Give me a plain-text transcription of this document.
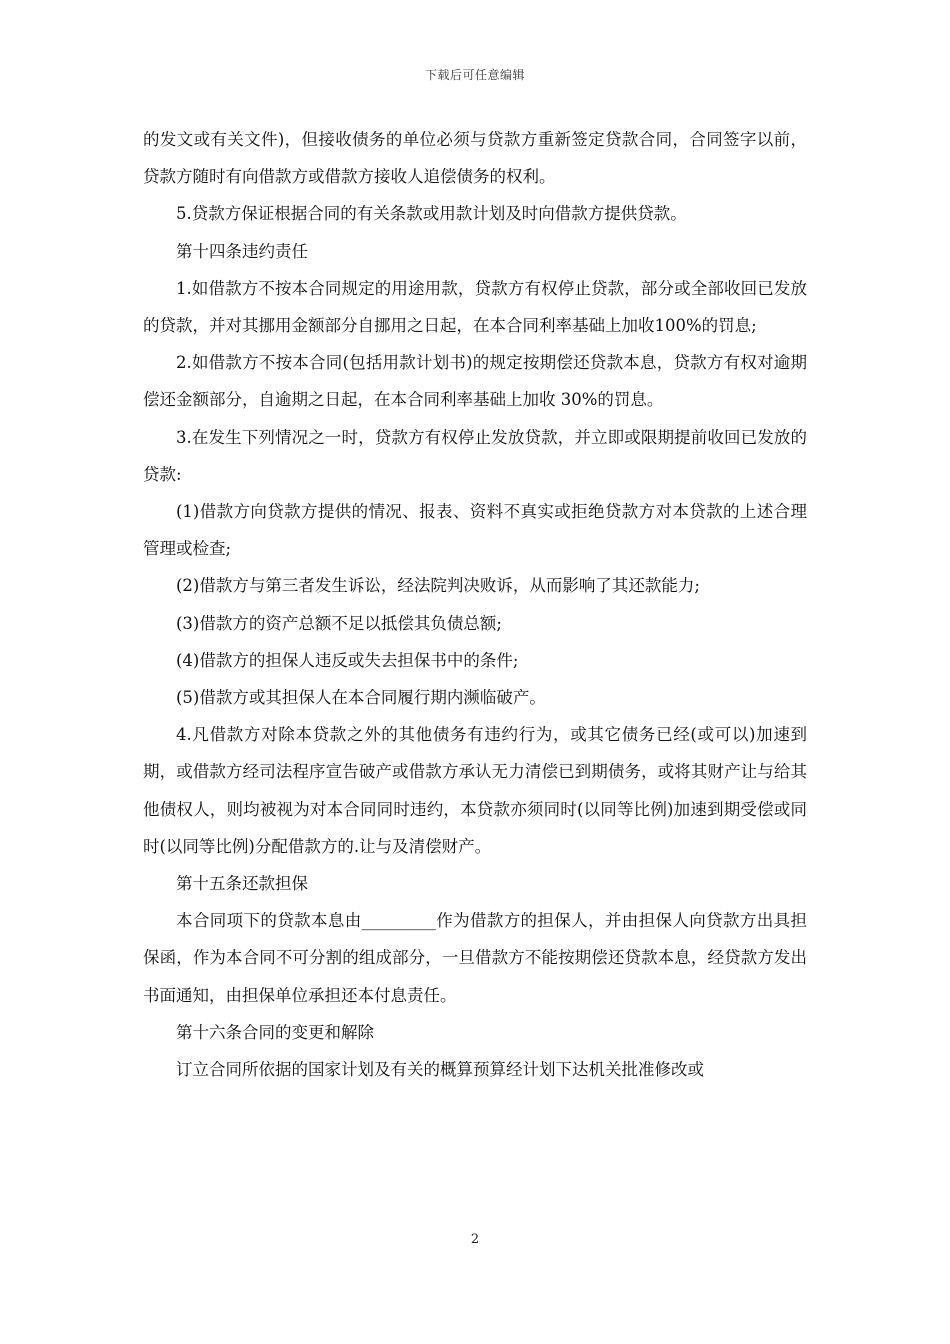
下载后可任意编辑

的发文或有关文件)，但接收债务的单位必须与贷款方重新签定贷款合同，合同签字以前，贷款方随时有向借款方或借款方接收人追偿债务的权利。

5.贷款方保证根据合同的有关条款或用款计划及时向借款方提供贷款。

第十四条违约责任

1.如借款方不按本合同规定的用途用款，贷款方有权停止贷款，部分或全部收回已发放的贷款，并对其挪用金额部分自挪用之日起，在本合同利率基础上加收100%的罚息;

2.如借款方不按本合同(包括用款计划书)的规定按期偿还贷款本息，贷款方有权对逾期偿还金额部分，自逾期之日起，在本合同利率基础上加收 30%的罚息。

3.在发生下列情况之一时，贷款方有权停止发放贷款，并立即或限期提前收回已发放的贷款:

(1)借款方向贷款方提供的情况、报表、资料不真实或拒绝贷款方对本贷款的上述合理管理或检查;

(2)借款方与第三者发生诉讼，经法院判决败诉，从而影响了其还款能力;

(3)借款方的资产总额不足以抵偿其负债总额;

(4)借款方的担保人违反或失去担保书中的条件;

(5)借款方或其担保人在本合同履行期内濒临破产。

4.凡借款方对除本贷款之外的其他债务有违约行为，或其它债务已经(或可以)加速到期，或借款方经司法程序宣告破产或借款方承认无力清偿已到期债务，或将其财产让与给其他债权人，则均被视为对本合同同时违约，本贷款亦须同时(以同等比例)加速到期受偿或同时(以同等比例)分配借款方的.让与及清偿财产。

第十五条还款担保

本合同项下的贷款本息由_________作为借款方的担保人，并由担保人向贷款方出具担保函，作为本合同不可分割的组成部分，一旦借款方不能按期偿还贷款本息，经贷款方发出书面通知，由担保单位承担还本付息责任。

第十六条合同的变更和解除

订立合同所依据的国家计划及有关的概算预算经计划下达机关批准修改或

2
